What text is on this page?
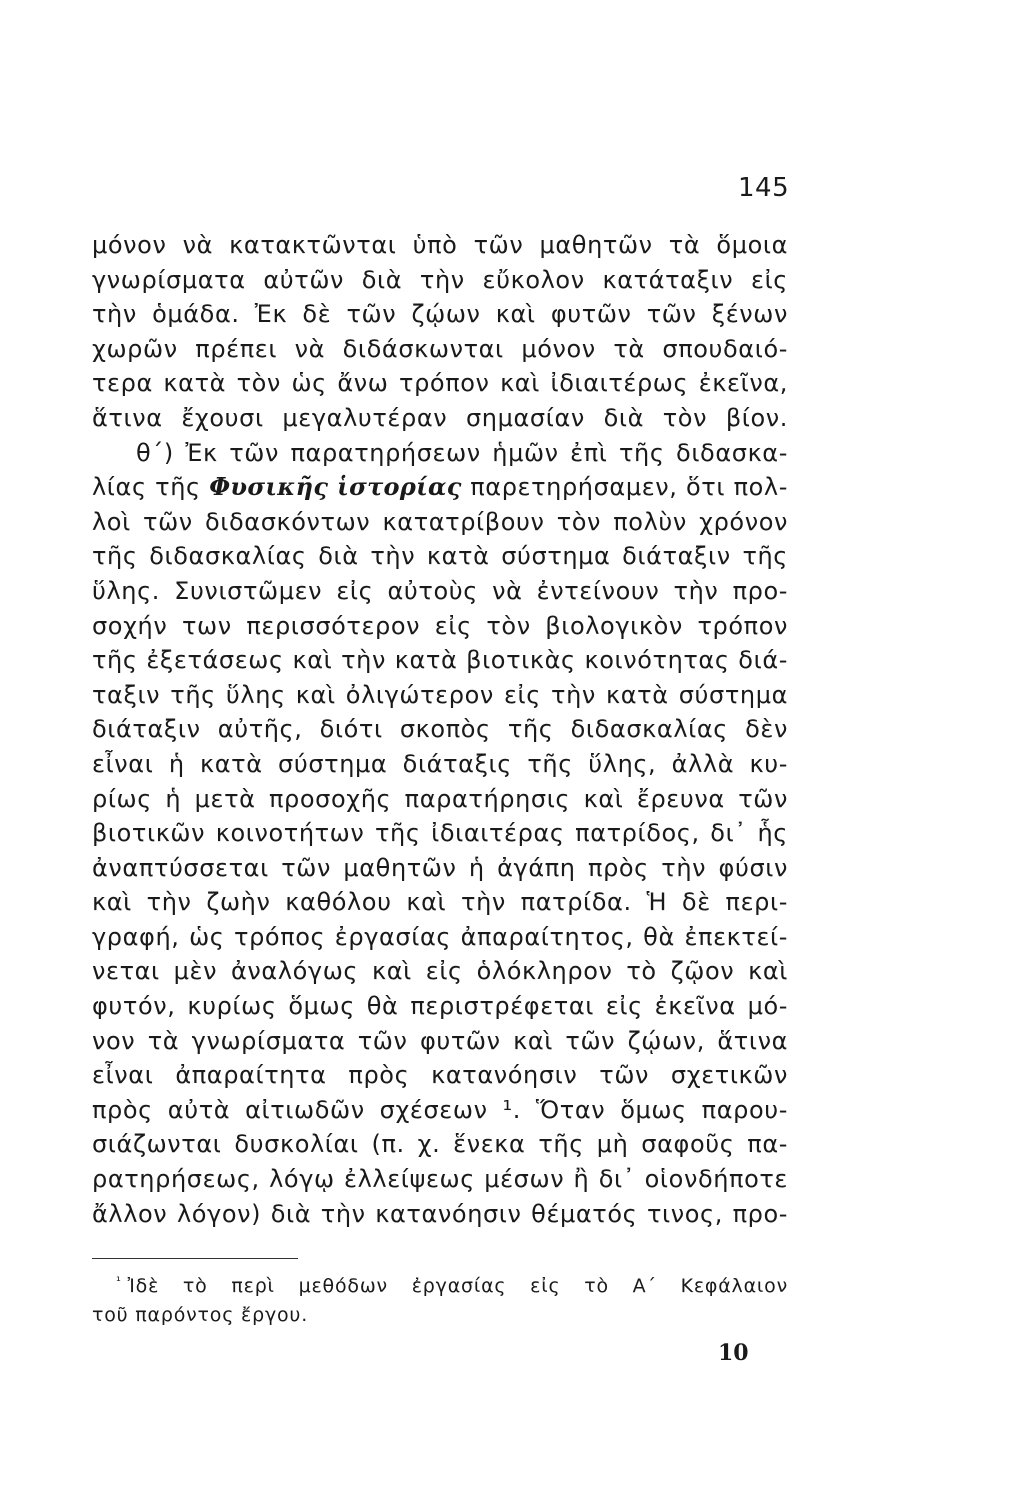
145
μόνον νὰ κατακτῶνται ὑπὸ τῶν μαθητῶν τὰ ὅμοια
γνωρίσματα αὐτῶν διὰ τὴν εὔκολον κατάταξιν εἰς
τὴν ὁμάδα. Ἐκ δὲ τῶν ζῴων καὶ φυτῶν τῶν ξένων
χωρῶν πρέπει νὰ διδάσκωνται μόνον τὰ σπουδαιό-
τερα κατὰ τὸν ὡς ἄνω τρόπον καὶ ἰδιαιτέρως ἐκεῖνα,
ἅτινα ἔχουσι μεγαλυτέραν σημασίαν διὰ τὸν βίον.
θ΄) Ἐκ τῶν παρατηρήσεων ἡμῶν ἐπὶ τῆς διδασκα-
λίας τῆς Φυσικῆς ἱστορίας παρετηρήσαμεν, ὅτι πολ-
λοὶ τῶν διδασκόντων κατατρίβουν τὸν πολὺν χρόνον
τῆς διδασκαλίας διὰ τὴν κατὰ σύστημα διάταξιν τῆς
ὕλης. Συνιστῶμεν εἰς αὐτοὺς νὰ ἐντείνουν τὴν προ-
σοχήν των περισσότερον εἰς τὸν βιολογικὸν τρόπον
τῆς ἐξετάσεως καὶ τὴν κατὰ βιοτικὰς κοινότητας διά-
ταξιν τῆς ὕλης καὶ ὀλιγώτερον εἰς τὴν κατὰ σύστημα
διάταξιν αὐτῆς, διότι σκοπὸς τῆς διδασκαλίας δὲν
εἶναι ἡ κατὰ σύστημα διάταξις τῆς ὕλης, ἀλλὰ κυ-
ρίως ἡ μετὰ προσοχῆς παρατήρησις καὶ ἔρευνα τῶν
βιοτικῶν κοινοτήτων τῆς ἰδιαιτέρας πατρίδος, δι᾿ ἧς
ἀναπτύσσεται τῶν μαθητῶν ἡ ἀγάπη πρὸς τὴν φύσιν
καὶ τὴν ζωὴν καθόλου καὶ τὴν πατρίδα. Ἡ δὲ περι-
γραφή, ὡς τρόπος ἐργασίας ἀπαραίτητος, θὰ ἐπεκτεί-
νεται μὲν ἀναλόγως καὶ εἰς ὁλόκληρον τὸ ζῷον καὶ
φυτόν, κυρίως ὅμως θὰ περιστρέφεται εἰς ἐκεῖνα μό-
νον τὰ γνωρίσματα τῶν φυτῶν καὶ τῶν ζῴων, ἅτινα
εἶναι ἀπαραίτητα πρὸς κατανόησιν τῶν σχετικῶν
πρὸς αὐτὰ αἰτιωδῶν σχέσεων ¹. Ὅταν ὅμως παρου-
σιάζωνται δυσκολίαι (π. χ. ἕνεκα τῆς μὴ σαφοῦς πα-
ρατηρήσεως, λόγῳ ἐλλείψεως μέσων ἢ δι᾿ οἱονδήποτε
ἄλλον λόγον) διὰ τὴν κατανόησιν θέματός τινος, προ-
$^{^1}$ Ἰδὲ τὸ περὶ μεθόδων ἐργασίας εἰς τὸ Α΄ Κεφάλαιον
τοῦ παρόντος ἔργου.
10
